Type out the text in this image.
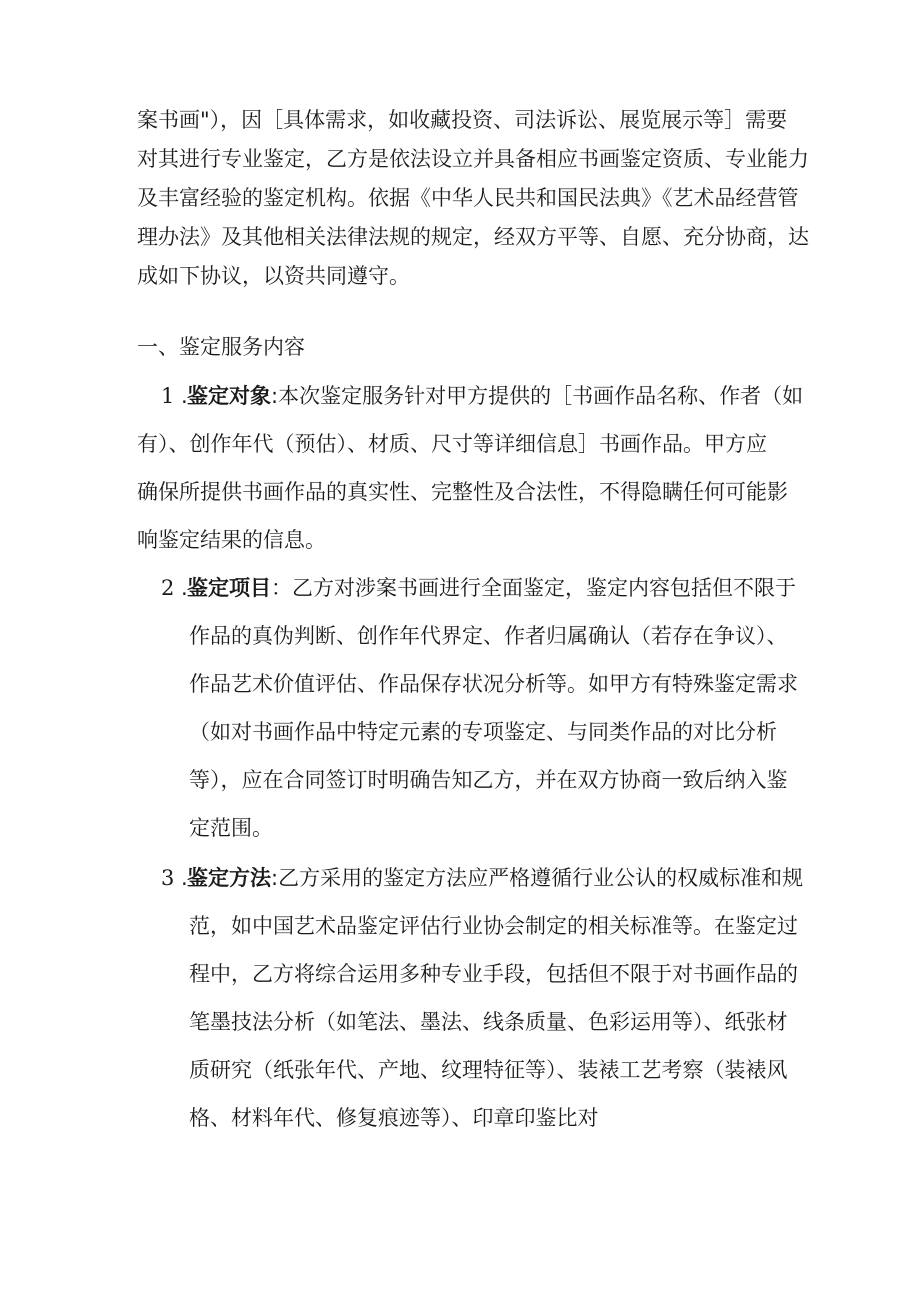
案书画"），因［具体需求，如收藏投资、司法诉讼、展览展示等］需要
对其进行专业鉴定，乙方是依法设立并具备相应书画鉴定资质、专业能力
及丰富经验的鉴定机构。依据《中华人民共和国民法典》《艺术品经营管
理办法》及其他相关法律法规的规定，经双方平等、自愿、充分协商，达
成如下协议，以资共同遵守。
一、鉴定服务内容
1 .鉴定对象:本次鉴定服务针对甲方提供的［书画作品名称、作者（如
有）、创作年代（预估）、材质、尺寸等详细信息］书画作品。甲方应
确保所提供书画作品的真实性、完整性及合法性，不得隐瞒任何可能影
响鉴定结果的信息。
2 .鉴定项目：乙方对涉案书画进行全面鉴定，鉴定内容包括但不限于
作品的真伪判断、创作年代界定、作者归属确认（若存在争议）、
作品艺术价值评估、作品保存状况分析等。如甲方有特殊鉴定需求
（如对书画作品中特定元素的专项鉴定、与同类作品的对比分析
等），应在合同签订时明确告知乙方，并在双方协商一致后纳入鉴
定范围。
3 .鉴定方法:乙方采用的鉴定方法应严格遵循行业公认的权威标准和规
范，如中国艺术品鉴定评估行业协会制定的相关标准等。在鉴定过
程中，乙方将综合运用多种专业手段，包括但不限于对书画作品的
笔墨技法分析（如笔法、墨法、线条质量、色彩运用等）、纸张材
质研究（纸张年代、产地、纹理特征等）、装裱工艺考察（装裱风
格、材料年代、修复痕迹等）、印章印鉴比对
